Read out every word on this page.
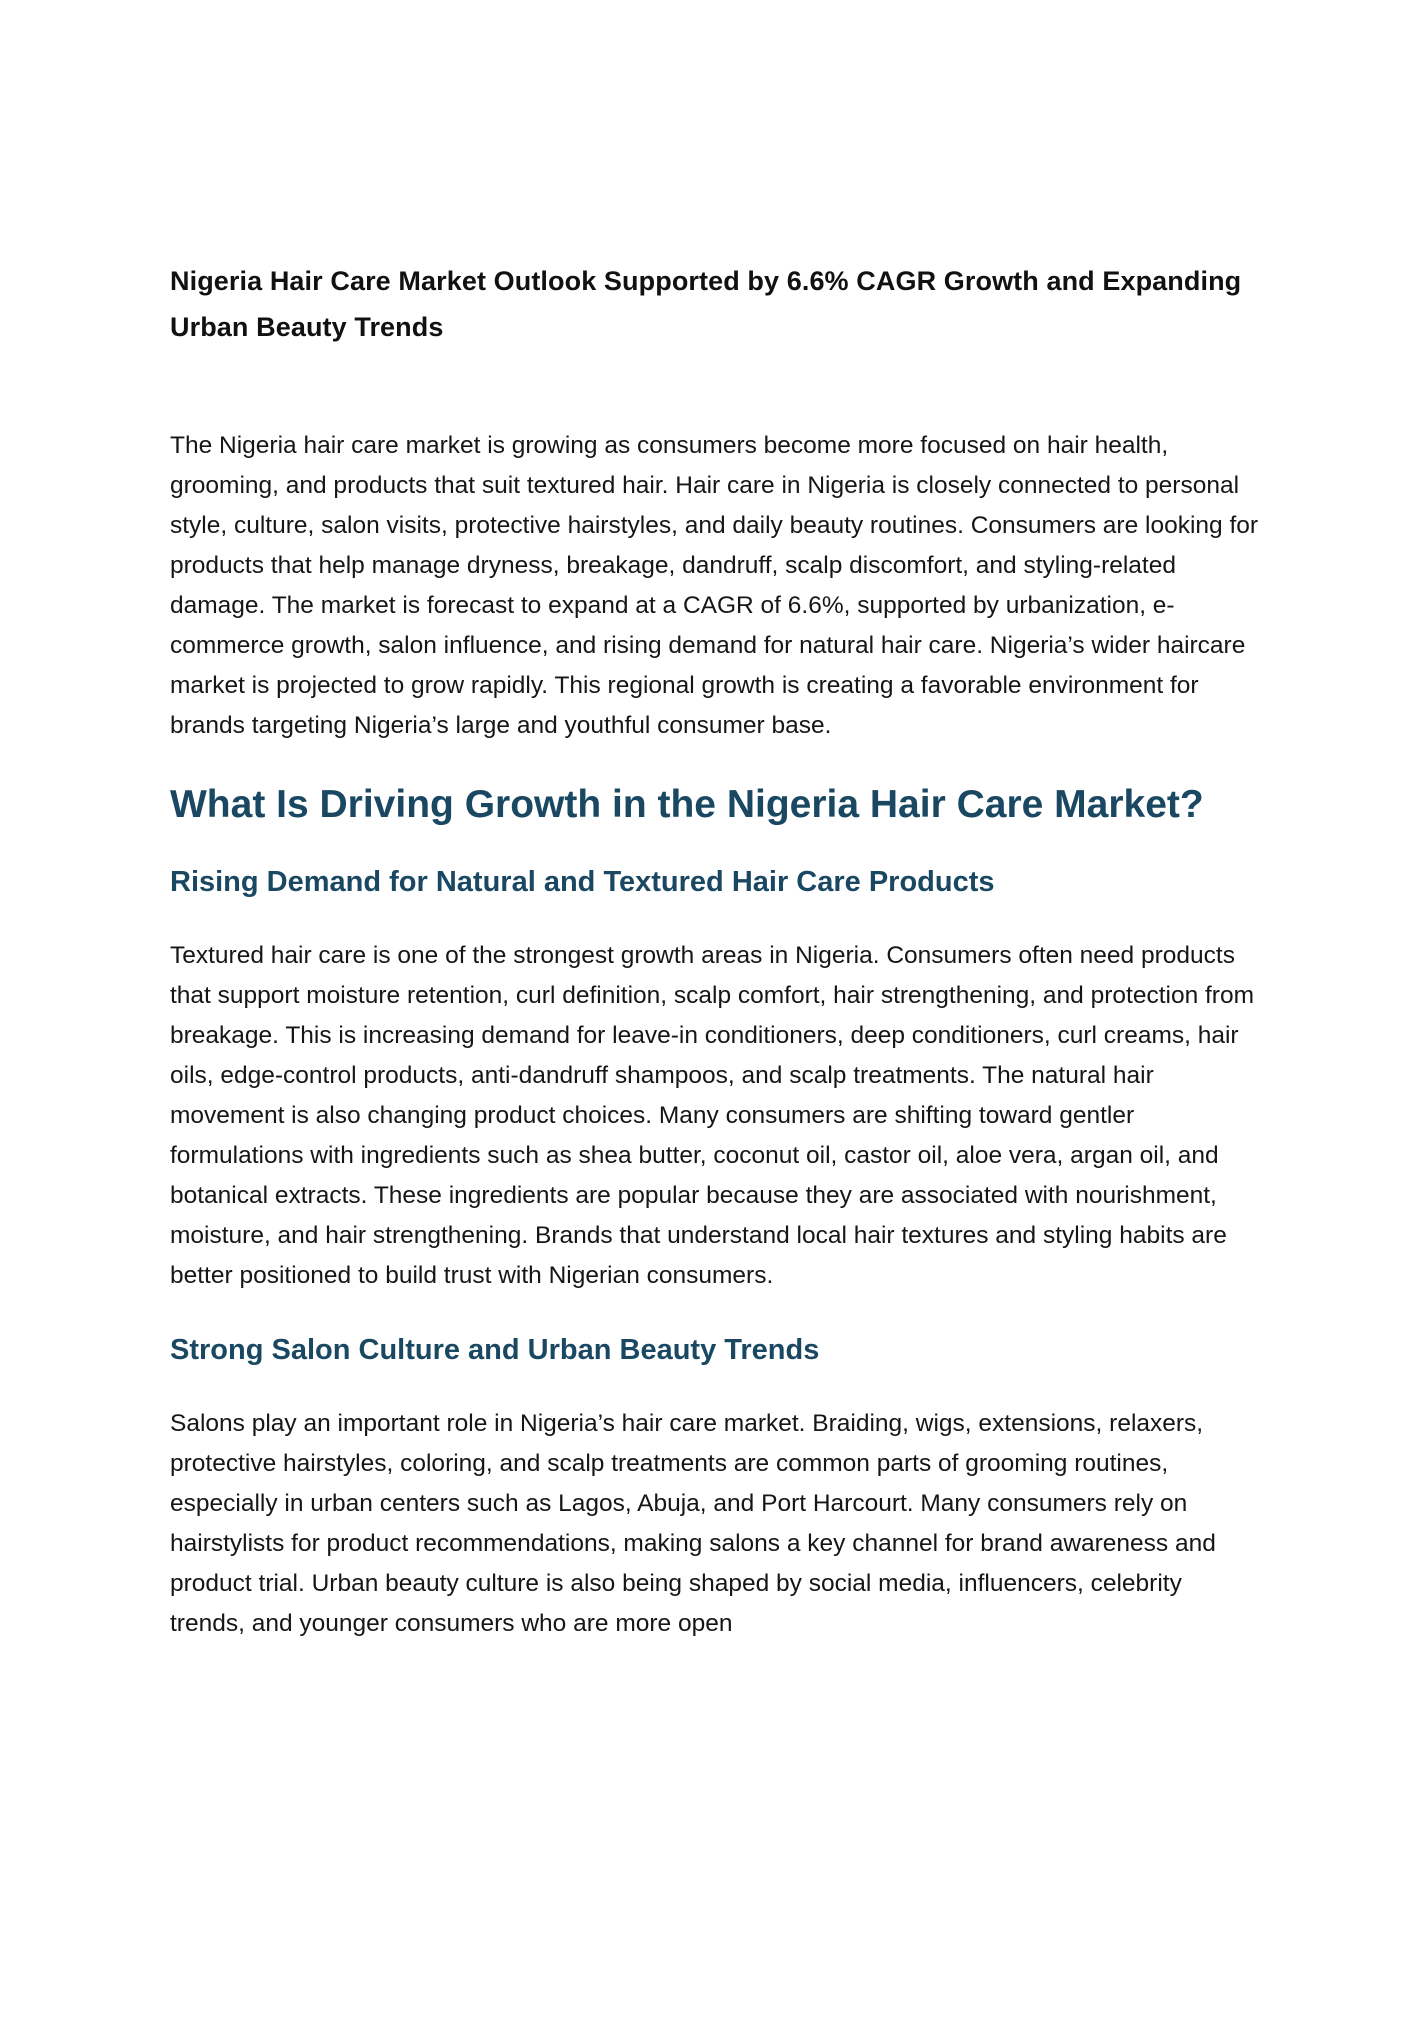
Nigeria Hair Care Market Outlook Supported by 6.6% CAGR Growth and Expanding Urban Beauty Trends

The Nigeria hair care market is growing as consumers become more focused on hair health, grooming, and products that suit textured hair. Hair care in Nigeria is closely connected to personal style, culture, salon visits, protective hairstyles, and daily beauty routines. Consumers are looking for products that help manage dryness, breakage, dandruff, scalp discomfort, and styling-related damage. The market is forecast to expand at a CAGR of 6.6%, supported by urbanization, e-commerce growth, salon influence, and rising demand for natural hair care. Nigeria’s wider haircare market is projected to grow rapidly. This regional growth is creating a favorable environment for brands targeting Nigeria’s large and youthful consumer base.

What Is Driving Growth in the Nigeria Hair Care Market?
Rising Demand for Natural and Textured Hair Care Products

Textured hair care is one of the strongest growth areas in Nigeria. Consumers often need products that support moisture retention, curl definition, scalp comfort, hair strengthening, and protection from breakage. This is increasing demand for leave-in conditioners, deep conditioners, curl creams, hair oils, edge-control products, anti-dandruff shampoos, and scalp treatments. The natural hair movement is also changing product choices. Many consumers are shifting toward gentler formulations with ingredients such as shea butter, coconut oil, castor oil, aloe vera, argan oil, and botanical extracts. These ingredients are popular because they are associated with nourishment, moisture, and hair strengthening. Brands that understand local hair textures and styling habits are better positioned to build trust with Nigerian consumers.

Strong Salon Culture and Urban Beauty Trends

Salons play an important role in Nigeria’s hair care market. Braiding, wigs, extensions, relaxers, protective hairstyles, coloring, and scalp treatments are common parts of grooming routines, especially in urban centers such as Lagos, Abuja, and Port Harcourt. Many consumers rely on hairstylists for product recommendations, making salons a key channel for brand awareness and product trial. Urban beauty culture is also being shaped by social media, influencers, celebrity trends, and younger consumers who are more open
